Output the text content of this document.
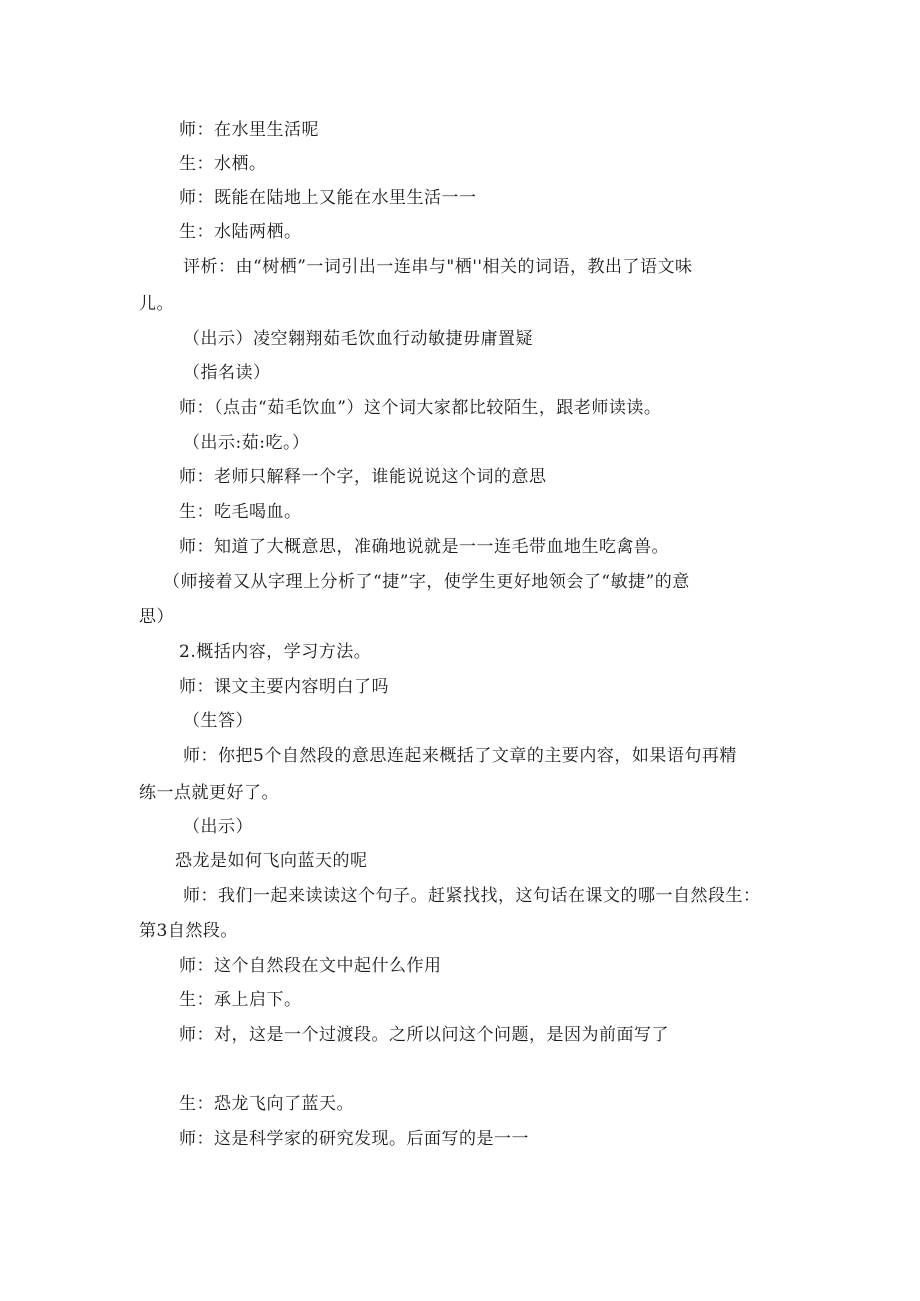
师：在水里生活呢

生：水栖。

师：既能在陆地上又能在水里生活一一

生：水陆两栖。

评析：由“树栖”一词引出一连串与"栖''相关的词语，教出了语文味

儿。

（出示）凌空翱翔茹毛饮血行动敏捷毋庸置疑

（指名读）

师：（点击“茹毛饮血”）这个词大家都比较陌生，跟老师读读。

（出示:茹:吃。）

师：老师只解释一个字，谁能说说这个词的意思

生：吃毛喝血。

师：知道了大概意思，准确地说就是一一连毛带血地生吃禽兽。

（师接着又从字理上分析了“捷”字，使学生更好地领会了“敏捷”的意

思）

2.概括内容，学习方法。

师：课文主要内容明白了吗

（生答）

师：你把5个自然段的意思连起来概括了文章的主要内容，如果语句再精

练一点就更好了。

（出示）

恐龙是如何飞向蓝天的呢

师：我们一起来读读这个句子。赶紧找找，这句话在课文的哪一自然段生：

第3自然段。

师：这个自然段在文中起什么作用

生：承上启下。

师：对，这是一个过渡段。之所以问这个问题，是因为前面写了

生：恐龙飞向了蓝天。

师：这是科学家的研究发现。后面写的是一一
